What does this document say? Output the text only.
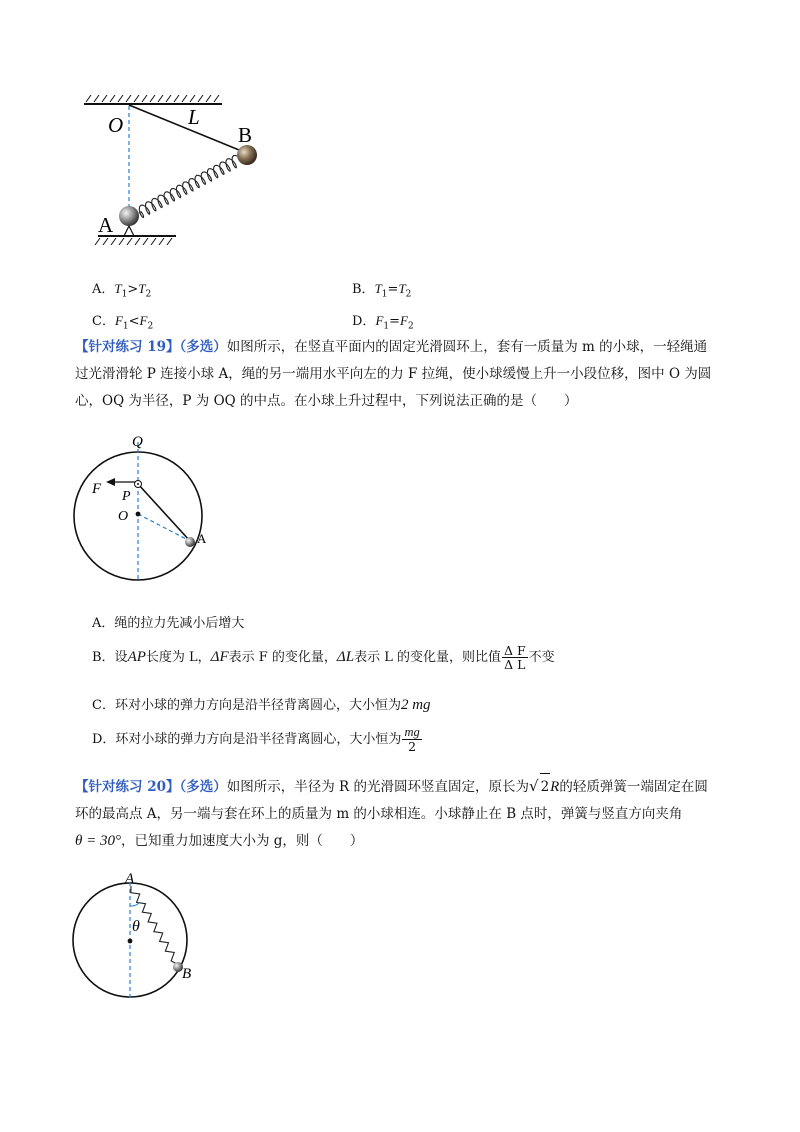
O	L
B
A
A．$T_1>T_2$	B．$T_1=T_2$
C．$F_1<F_2$	D．$F_1=F_2$
【针对练习 19】（多选）如图所示，在竖直平面内的固定光滑圆环上，套有一质量为 m 的小球，一轻绳通
过光滑滑轮 P 连接小球 A，绳的另一端用水平向左的力 F 拉绳，使小球缓慢上升一小段位移，图中 O 为圆
心，OQ 为半径，P 为 OQ 的中点。在小球上升过程中，下列说法正确的是（　　）
Q
F P
O
A
A．绳的拉力先减小后增大
B．设AP长度为 L，ΔF表示 F 的变化量，ΔL表示 L 的变化量，则比值 $\frac{\text{Δ F}}{\text{Δ L}}$ 不变
C．环对小球的弹力方向是沿半径背离圆心，大小恒为2 mg
D．环对小球的弹力方向是沿半径背离圆心，大小恒为 $\frac{mg}{2}$
【针对练习 20】（多选）如图所示，半径为 R 的光滑圆环竖直固定，原长为√ 2R的轻质弹簧一端固定在圆
环的最高点 A，另一端与套在环上的质量为 m 的小球相连。小球静止在 B 点时，弹簧与竖直方向夹角
θ = 30°，已知重力加速度大小为 g，则（　　）
A
θ
B
